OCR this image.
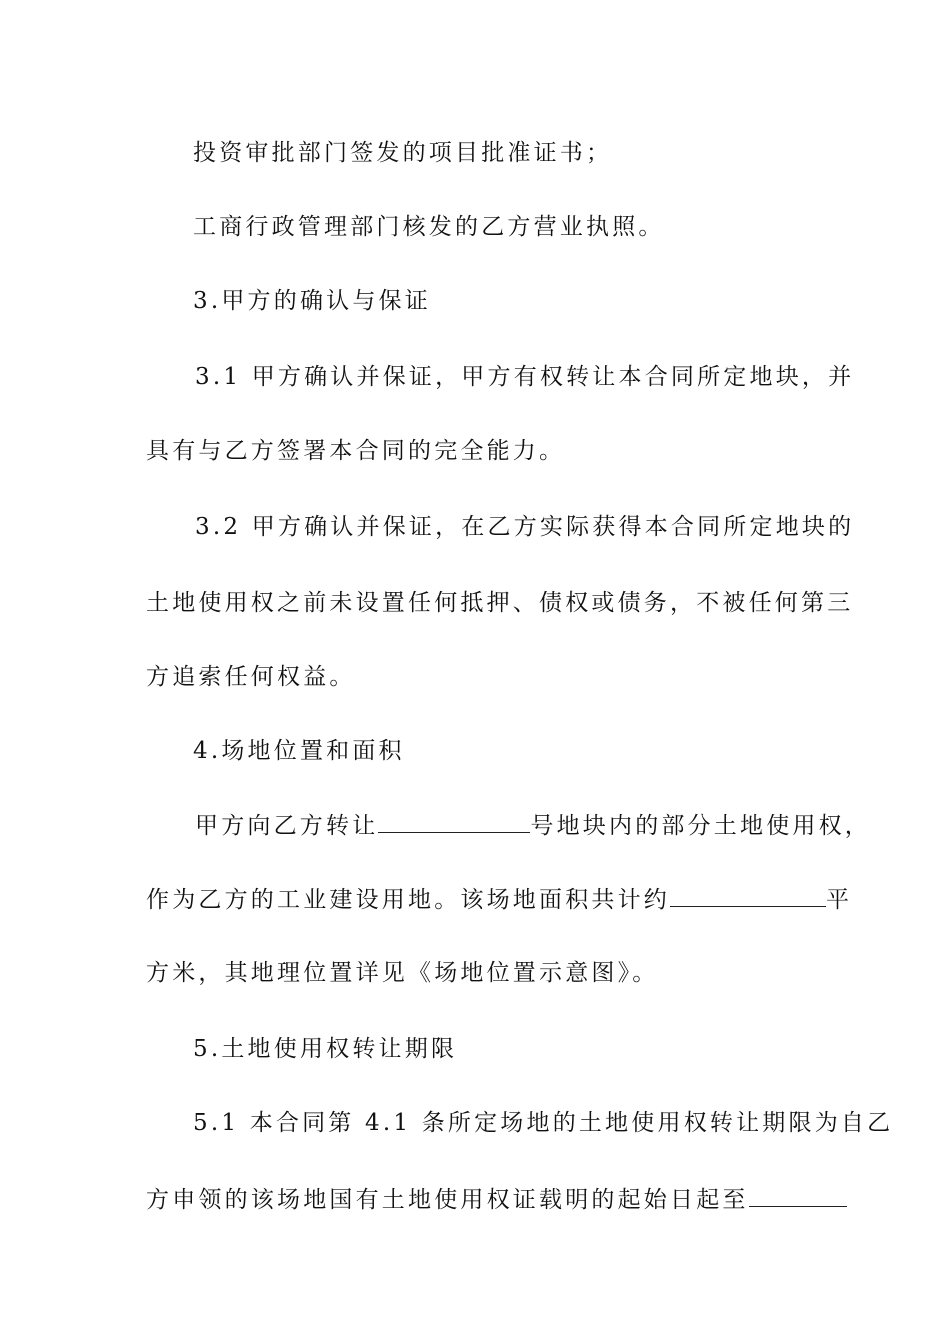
投资审批部门签发的项目批准证书；
工商行政管理部门核发的乙方营业执照。
3.甲方的确认与保证
3.1 甲方确认并保证，甲方有权转让本合同所定地块，并
具有与乙方签署本合同的完全能力。
3.2 甲方确认并保证，在乙方实际获得本合同所定地块的
土地使用权之前未设置任何抵押、债权或债务，不被任何第三
方追索任何权益。
4.场地位置和面积
甲方向乙方转让	号地块内的部分土地使用权，
作为乙方的工业建设用地。该场地面积共计约	平
方米，其地理位置详见《场地位置示意图》。
5.土地使用权转让期限
5.1 本合同第 4.1 条所定场地的土地使用权转让期限为自乙
方申领的该场地国有土地使用权证载明的起始日起至
